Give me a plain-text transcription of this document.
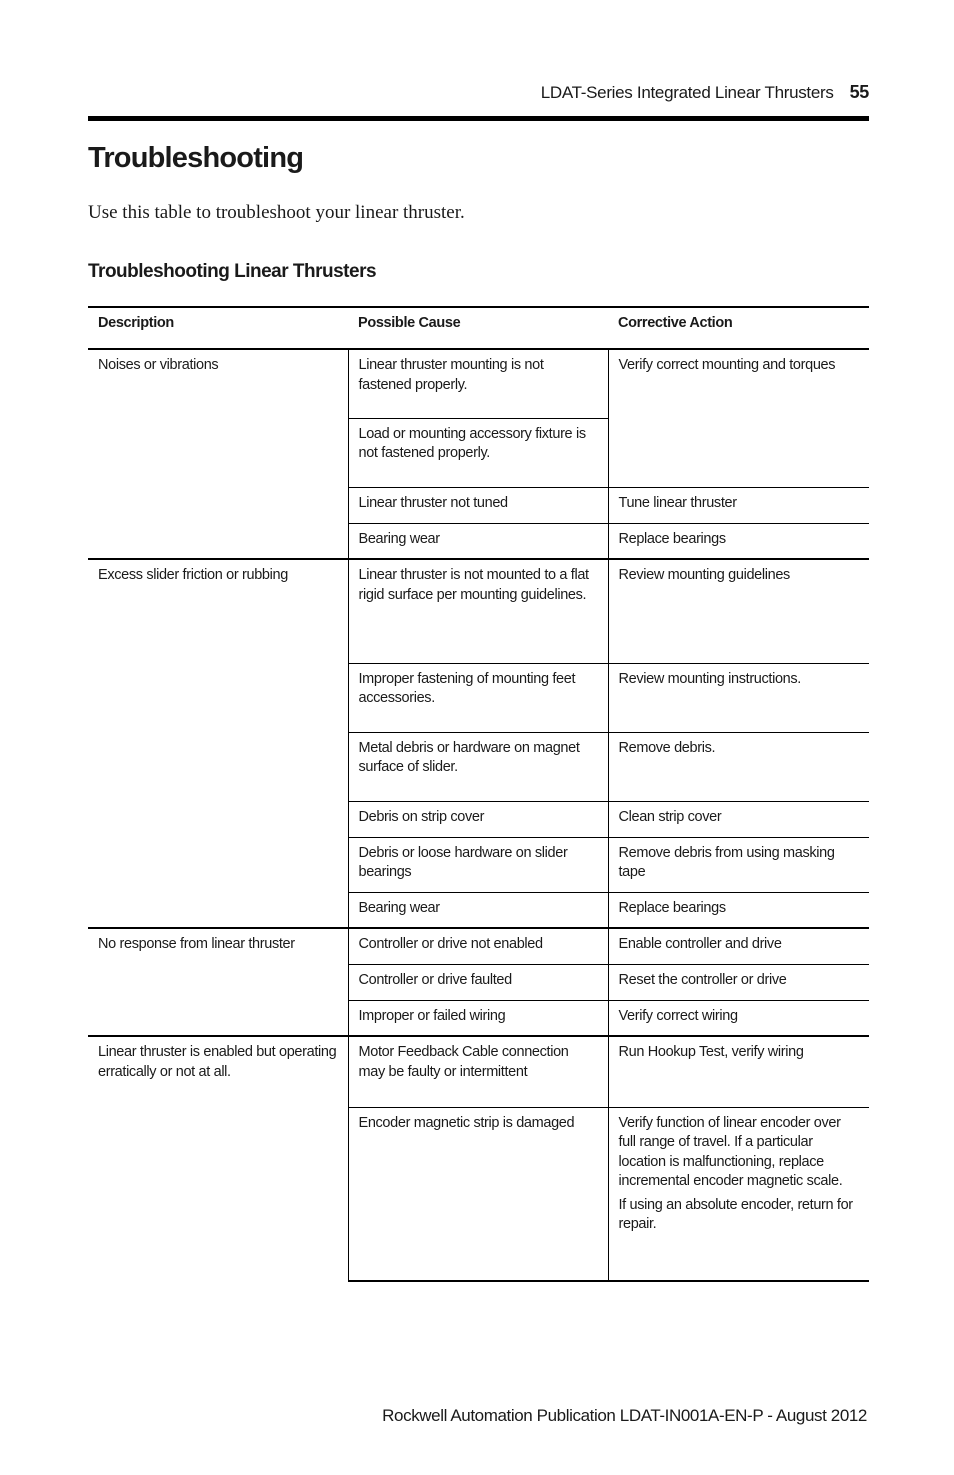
LDAT-Series Integrated Linear Thrusters 55
Troubleshooting

Use this table to troubleshoot your linear thruster.

Troubleshooting Linear Thrusters
Description	Possible Cause	Corrective Action
Noises or vibrations	Linear thruster mounting is not fastened properly.	Verify correct mounting and torques
	Load or mounting accessory fixture is not fastened properly.	
	Linear thruster not tuned	Tune linear thruster
	Bearing wear	Replace bearings
Excess slider friction or rubbing	Linear thruster is not mounted to a flat rigid surface per mounting guidelines.	Review mounting guidelines
	Improper fastening of mounting feet accessories.	Review mounting instructions.
	Metal debris or hardware on magnet surface of slider.	Remove debris.
	Debris on strip cover	Clean strip cover
	Debris or loose hardware on slider bearings	Remove debris from using masking tape
	Bearing wear	Replace bearings
No response from linear thruster	Controller or drive not enabled	Enable controller and drive
	Controller or drive faulted	Reset the controller or drive
	Improper or failed wiring	Verify correct wiring
Linear thruster is enabled but operating erratically or not at all.	Motor Feedback Cable connection may be faulty or intermittent	Run Hookup Test, verify wiring
	Encoder magnetic strip is damaged	Verify function of linear encoder over full range of travel. If a particular location is malfunctioning, replace incremental encoder magnetic scale.

If using an absolute encoder, return for repair.

Rockwell Automation Publication LDAT-IN001A-EN-P - August 2012
